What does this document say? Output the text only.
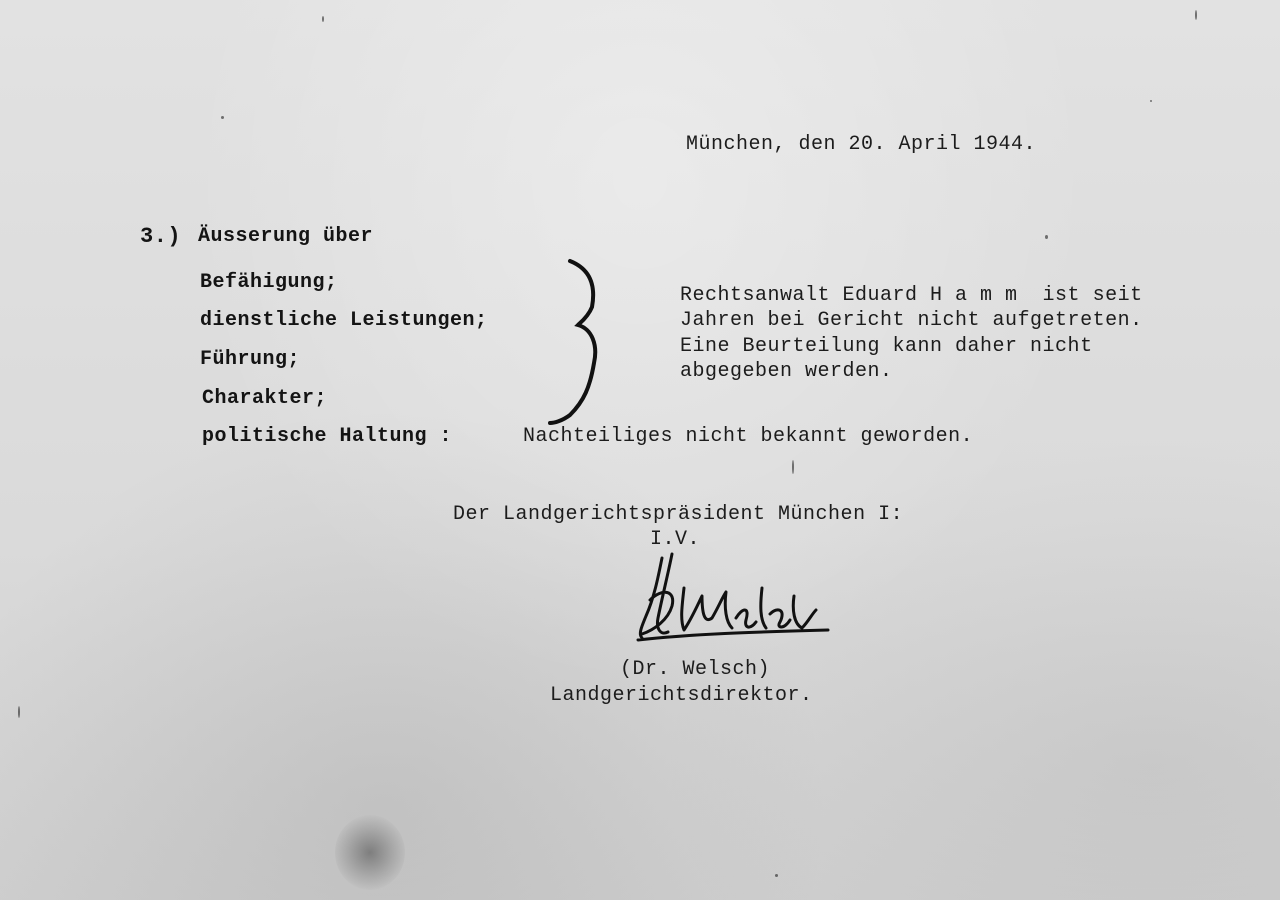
München, den 20. April 1944.
3.) Äusserung über
Befähigung;
dienstliche Leistungen;
Führung;
Charakter;
politische Haltung :	Nachteiliges nicht bekannt geworden.
Rechtsanwalt Eduard H a m m  ist seit
Jahren bei Gericht nicht aufgetreten.
Eine Beurteilung kann daher nicht
abgegeben werden.
Der Landgerichtspräsident München I:
I.V.
(Dr. Welsch)
Landgerichtsdirektor.
